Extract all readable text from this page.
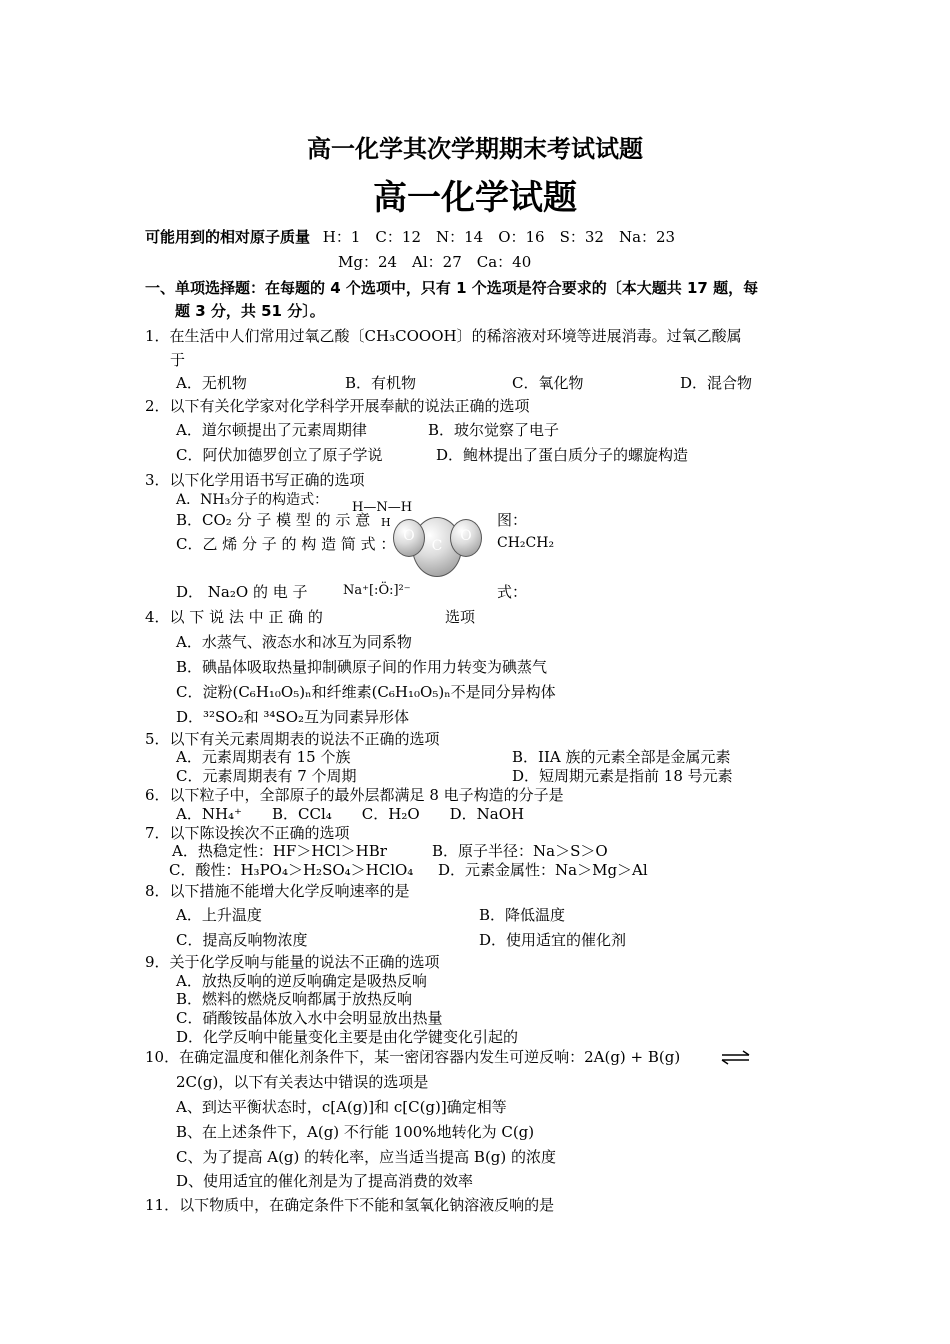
高一化学其次学期期末考试试题
高一化学试题
可能用到的相对原子质量 H：1　C：12　N：14　O：16　S：32　Na：23
Mg：24　Al：27　Ca：40
一、单项选择题：在每题的 4 个选项中，只有 1 个选项是符合要求的〔本大题共 17 题，每
题 3 分，共 51 分〕。
1．在生活中人们常用过氧乙酸〔CH₃COOOH〕的稀溶液对环境等进展消毒。过氧乙酸属
于
A．无机物	B．有机物	C．氧化物	D．混合物
2．以下有关化学家对化学科学开展奉献的说法正确的选项
A．道尔顿提出了元素周期律	B．玻尔觉察了电子
C．阿伏加德罗创立了原子学说	D．鲍林提出了蛋白质分子的螺旋构造
3．以下化学用语书写正确的选项
A．NH₃分子的构造式： H—N—H
H
B．CO₂ 分 子 模 型 的 示 意	图：
C
O	O
C．乙 烯 分 子 的 构 造 简 式 ：	CH₂CH₂
D． Na₂O 的 电 子	Na⁺[:Ö:]²⁻	式：
4．以 下 说 法 中 正 确 的	选项
A．水蒸气、液态水和冰互为同系物
B．碘晶体吸取热量抑制碘原子间的作用力转变为碘蒸气
C．淀粉(C₆H₁₀O₅)ₙ和纤维素(C₆H₁₀O₅)ₙ不是同分异构体
D．³²SO₂和 ³⁴SO₂互为同素异形体
5．以下有关元素周期表的说法不正确的选项
A．元素周期表有 15 个族	B．IIA 族的元素全部是金属元素
C．元素周期表有 7 个周期	D．短周期元素是指前 18 号元素
6．以下粒子中，全部原子的最外层都满足 8 电子构造的分子是
A．NH₄⁺　　B．CCl₄　　C．H₂O　　D．NaOH
7．以下陈设挨次不正确的选项
A．热稳定性：HF＞HCl＞HBr	B．原子半径：Na＞S＞O
C．酸性：H₃PO₄＞H₂SO₄＞HClO₄ D．元素金属性：Na＞Mg＞Al
8．以下措施不能增大化学反响速率的是
A．上升温度	B．降低温度
C．提高反响物浓度	D．使用适宜的催化剂
9．关于化学反响与能量的说法不正确的选项
A．放热反响的逆反响确定是吸热反响
B．燃料的燃烧反响都属于放热反响
C．硝酸铵晶体放入水中会明显放出热量
D．化学反响中能量变化主要是由化学键变化引起的
10．在确定温度和催化剂条件下，某一密闭容器内发生可逆反响：2A(g) + B(g)
2C(g)，以下有关表达中错误的选项是
A、到达平衡状态时，c[A(g)]和 c[C(g)]确定相等
B、在上述条件下，A(g) 不行能 100%地转化为 C(g)
C、为了提高 A(g) 的转化率，应当适当提高 B(g) 的浓度
D、使用适宜的催化剂是为了提高消费的效率
11．以下物质中，在确定条件下不能和氢氧化钠溶液反响的是
